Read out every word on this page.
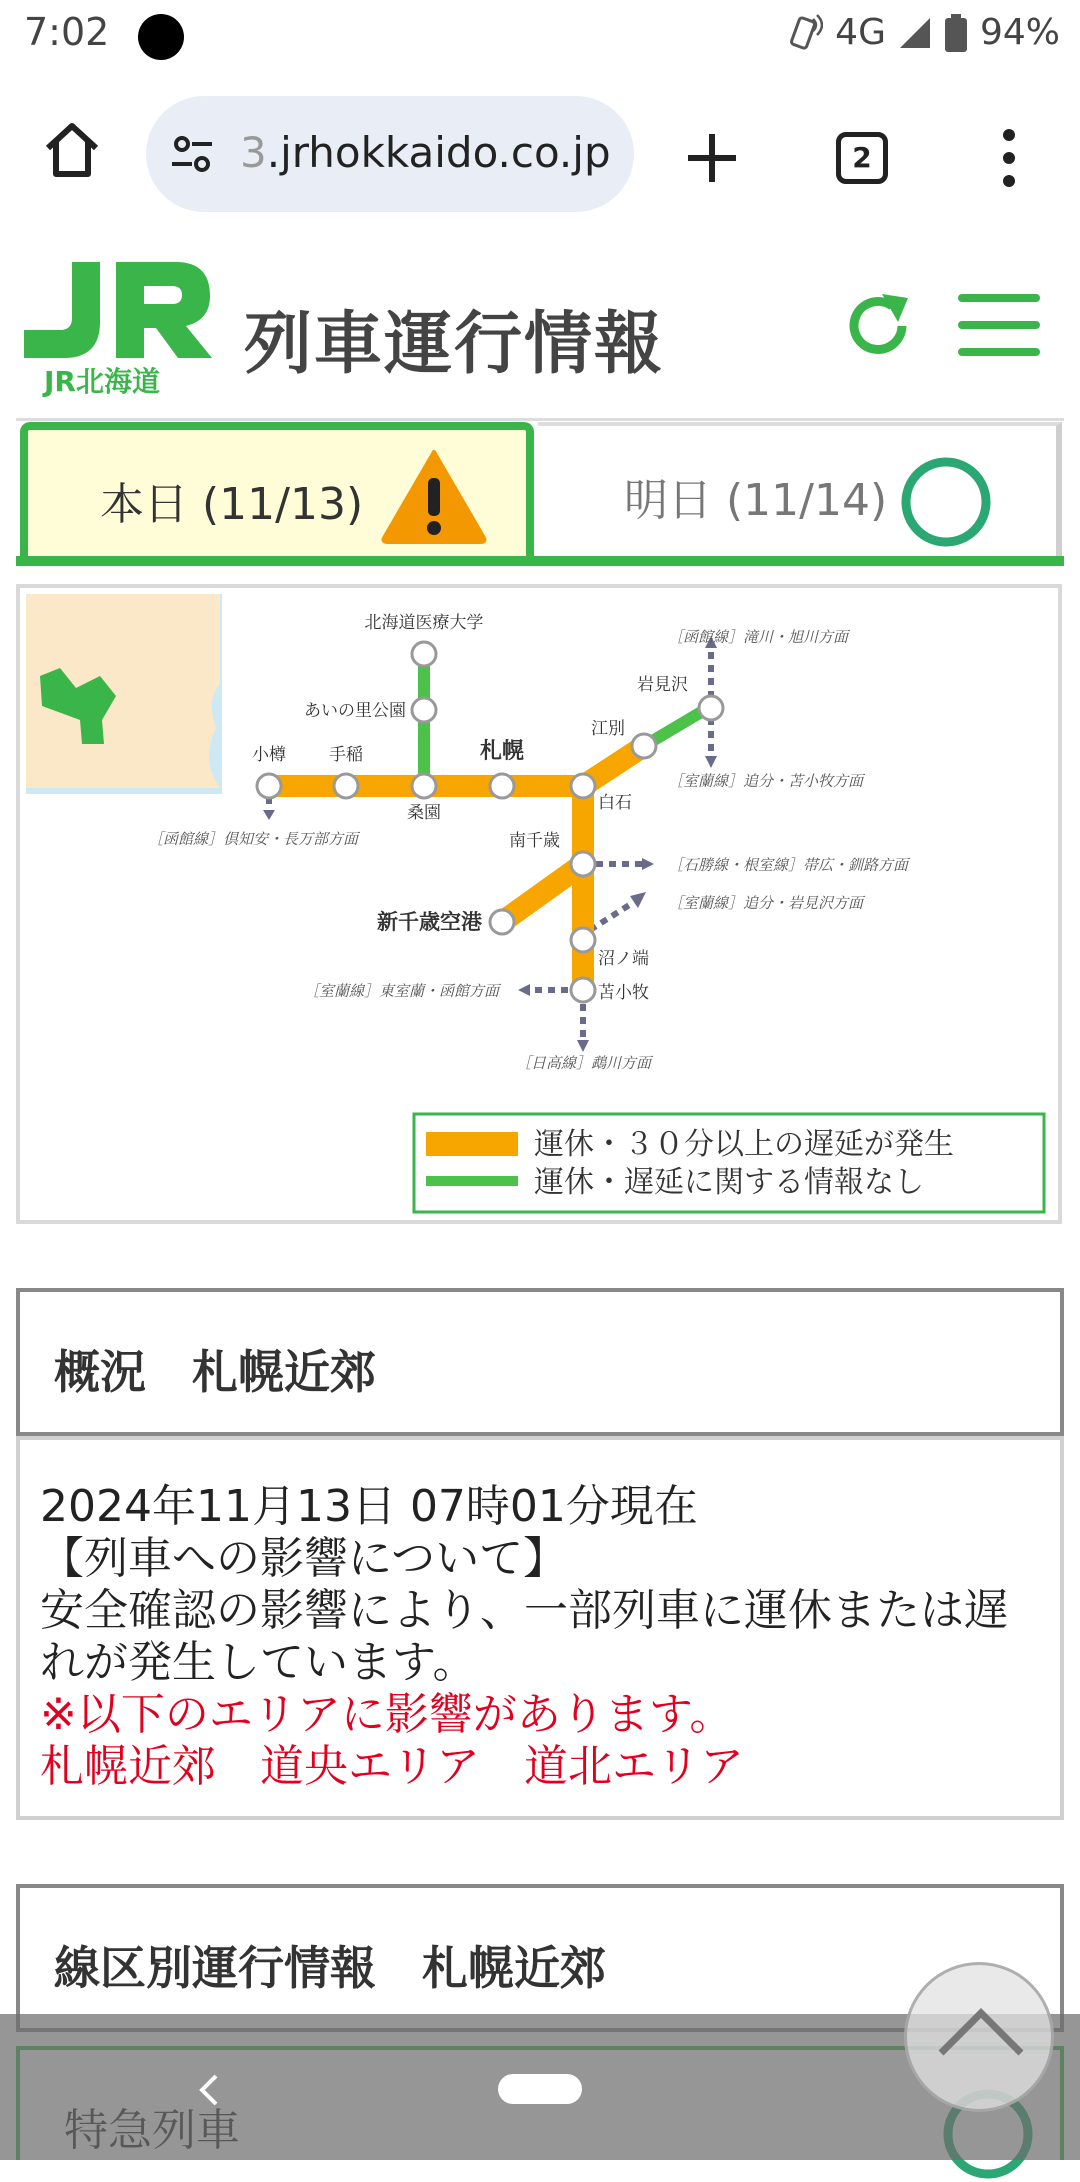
7:02	4G	94%
3.jrhokkaido.co.jp	2
JR北海道 列車運行情報
本日 (11/13)	明日 (11/14)
北海道医療大学
あいの里公園
小樽	手稲
桑園
札幌
白石
江別
岩見沢
南千歳
新千歳空港
沼ノ端
苫小牧
［函館線］滝川・旭川方面
［室蘭線］追分・苫小牧方面
［函館線］倶知安・長万部方面
［石勝線・根室線］帯広・釧路方面
［室蘭線］追分・岩見沢方面
［室蘭線］東室蘭・函館方面
［日高線］鵡川方面
運休・３０分以上の遅延が発生
運休・遅延に関する情報なし
概況　札幌近郊
2024年11月13日 07時01分現在
【列車への影響について】
安全確認の影響により、一部列車に運休または遅
れが発生しています。
※以下のエリアに影響があります。
札幌近郊　道央エリア　道北エリア
線区別運行情報　札幌近郊
